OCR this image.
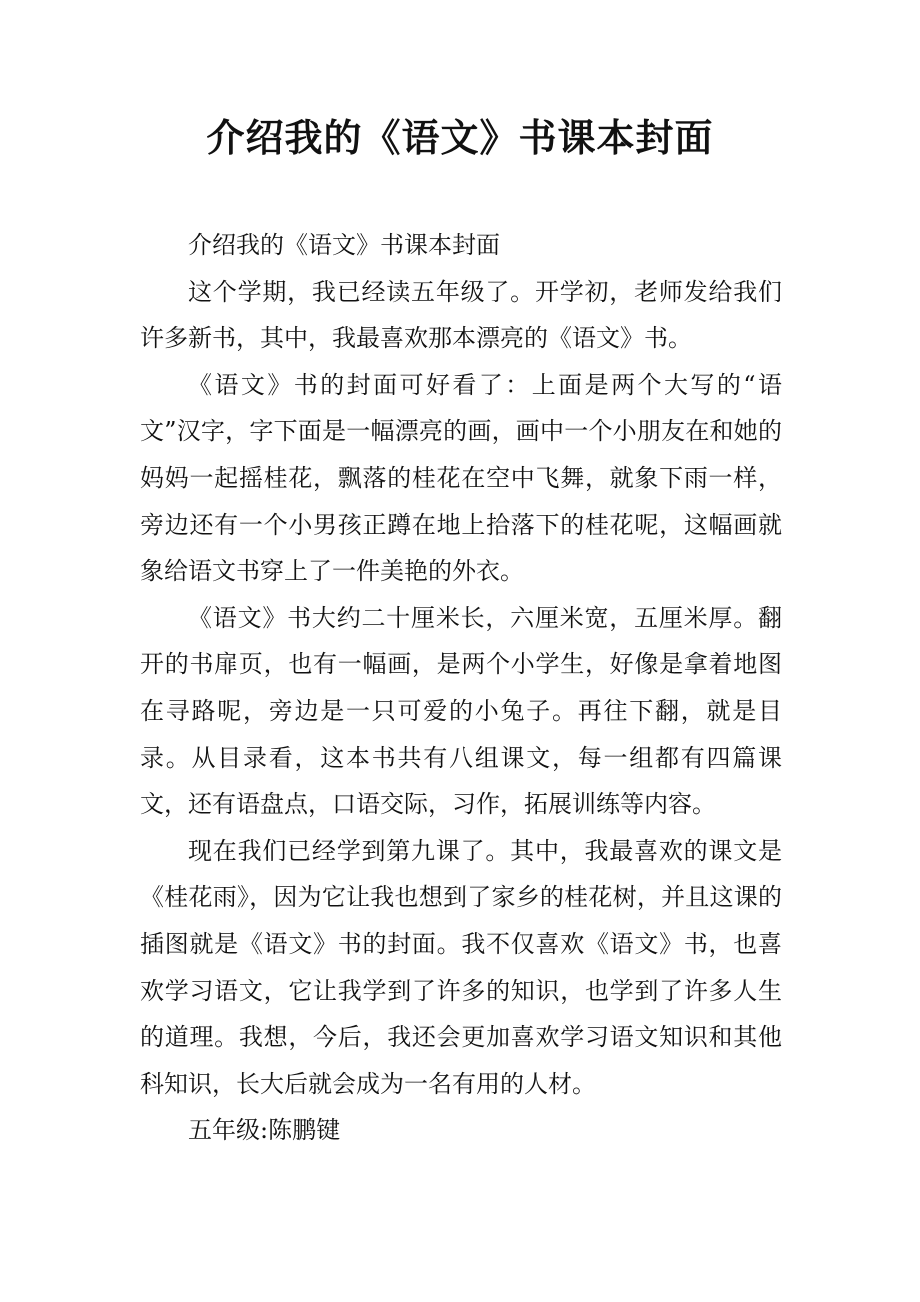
介绍我的《语文》书课本封面

介绍我的《语文》书课本封面

这个学期，我已经读五年级了。开学初，老师发给我们许多新书，其中，我最喜欢那本漂亮的《语文》书。

《语文》书的封面可好看了：上面是两个大写的“语文”汉字，字下面是一幅漂亮的画，画中一个小朋友在和她的妈妈一起摇桂花，飘落的桂花在空中飞舞，就象下雨一样，旁边还有一个小男孩正蹲在地上拾落下的桂花呢，这幅画就象给语文书穿上了一件美艳的外衣。

《语文》书大约二十厘米长，六厘米宽，五厘米厚。翻开的书扉页，也有一幅画，是两个小学生，好像是拿着地图在寻路呢，旁边是一只可爱的小兔子。再往下翻，就是目录。从目录看，这本书共有八组课文，每一组都有四篇课文，还有语盘点，口语交际，习作，拓展训练等内容。

现在我们已经学到第九课了。其中，我最喜欢的课文是《桂花雨》，因为它让我也想到了家乡的桂花树，并且这课的插图就是《语文》书的封面。我不仅喜欢《语文》书，也喜欢学习语文，它让我学到了许多的知识，也学到了许多人生的道理。我想，今后，我还会更加喜欢学习语文知识和其他科知识，长大后就会成为一名有用的人材。

五年级:陈鹏键
